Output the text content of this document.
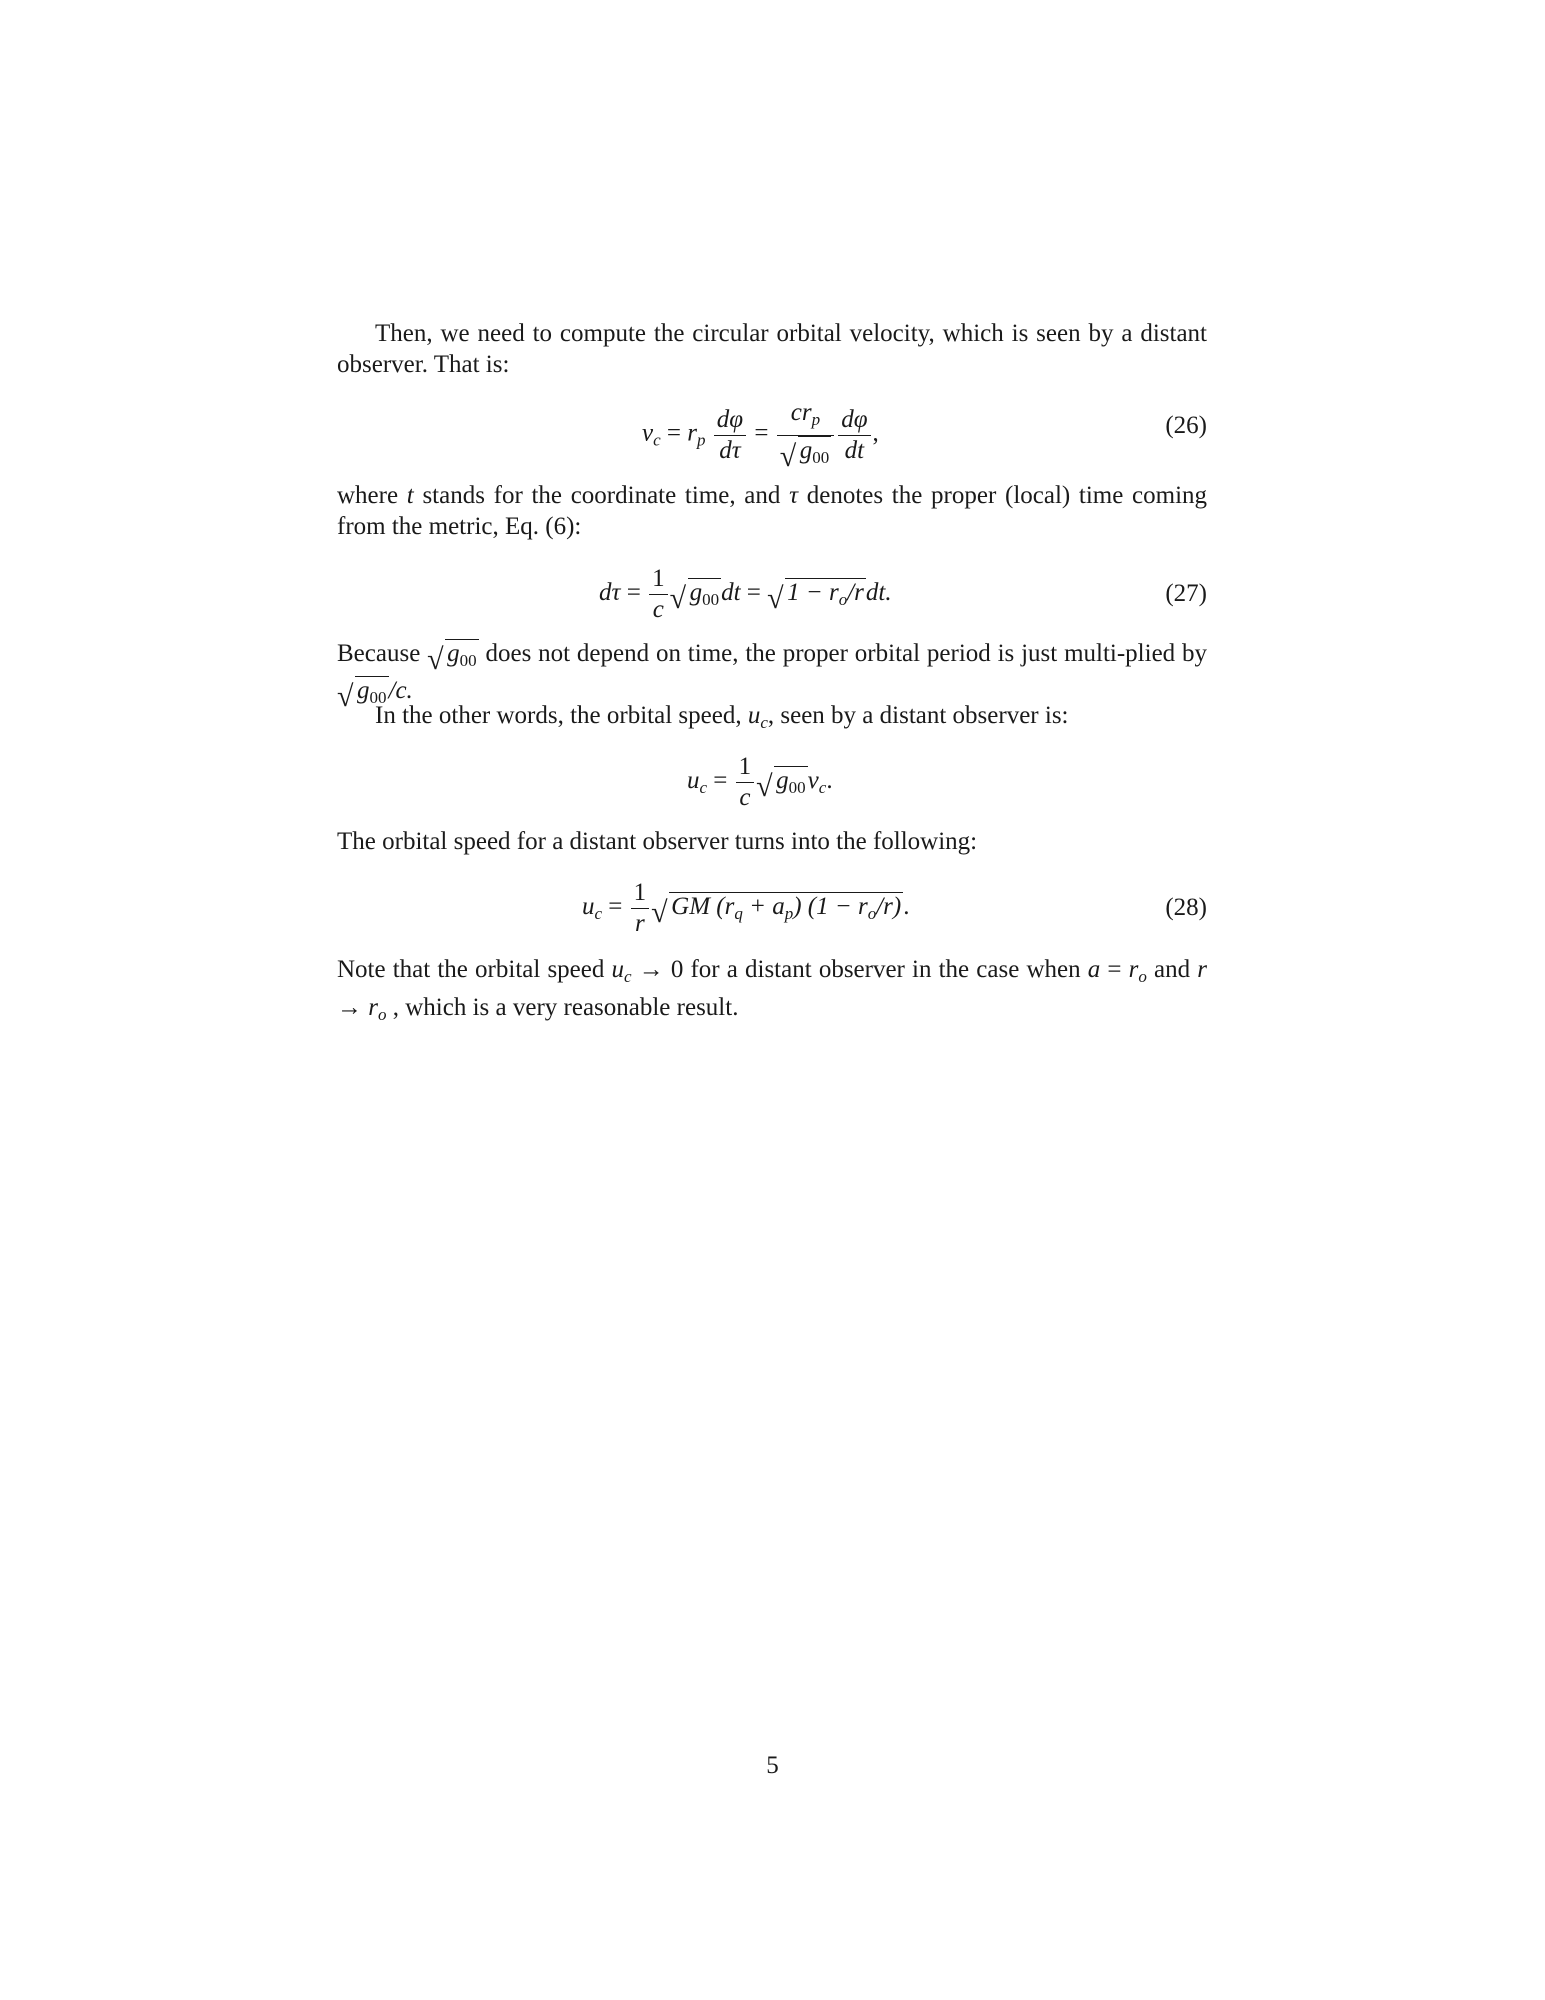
Then, we need to compute the circular orbital velocity, which is seen by a distant observer. That is:
$v_c = r_p \frac{d\varphi}{d\tau} = \frac{cr_p}{√ g_{00}} \frac{d\varphi}{dt}$ ,	(26)
where t stands for the coordinate time, and τ denotes the proper (local) time coming from the metric, Eq. (6):
$d\tau = \frac{1}{c}$ √ $g_{00}dt$ = √ $1 - r_o$/rdt.	(27)
Because √ $g_{00}$ does not depend on time, the proper orbital period is just multi-plied by
√ $g_{00}/c$.
In the other words, the orbital speed, $u_c$, seen by a distant observer is:
$u_c = \frac{1}{c}$ √ $g_{00}v_c$.
The orbital speed for a distant observer turns into the following:
$u_c = \frac{1}{r}$ √ GM $(r_q + a_p) (1 - r_o/r)$.	(28)
Note that the orbital speed $u_c \to 0$ for a distant observer in the case when $a = r_o$ and $r \to r_o$ , which is a very reasonable result.
5
